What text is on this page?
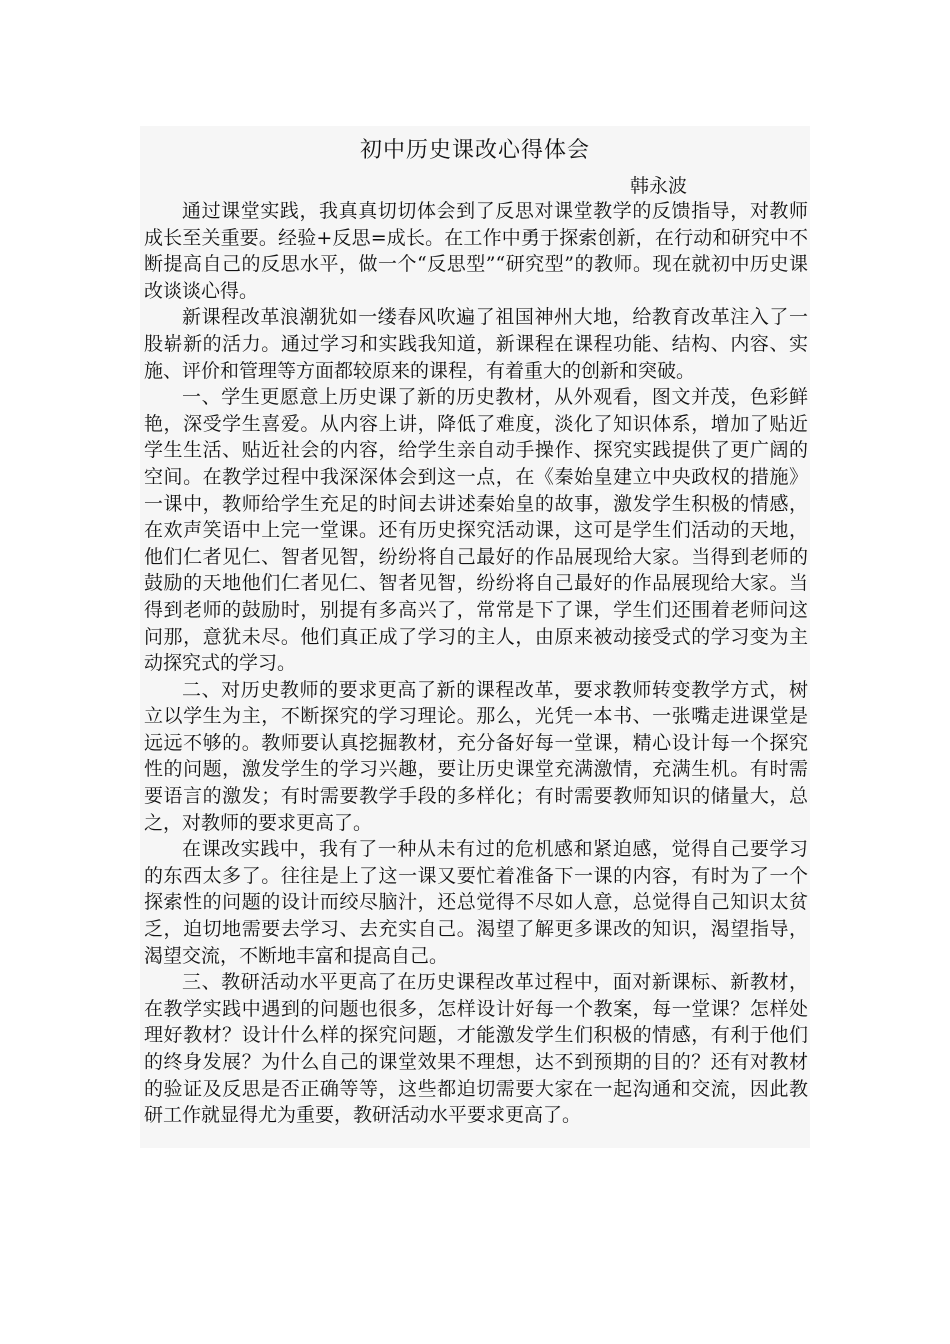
初中历史课改心得体会
韩永波

通过课堂实践，我真真切切体会到了反思对课堂教学的反馈指导，对教师成长至关重要。经验+反思=成长。在工作中勇于探索创新，在行动和研究中不断提高自己的反思水平，做一个“反思型”“研究型”的教师。现在就初中历史课改谈谈心得。

新课程改革浪潮犹如一缕春风吹遍了祖国神州大地，给教育改革注入了一股崭新的活力。通过学习和实践我知道，新课程在课程功能、结构、内容、实施、评价和管理等方面都较原来的课程，有着重大的创新和突破。

一、学生更愿意上历史课了新的历史教材，从外观看，图文并茂，色彩鲜艳，深受学生喜爱。从内容上讲，降低了难度，淡化了知识体系，增加了贴近学生生活、贴近社会的内容，给学生亲自动手操作、探究实践提供了更广阔的空间。在教学过程中我深深体会到这一点，在《秦始皇建立中央政权的措施》一课中，教师给学生充足的时间去讲述秦始皇的故事，激发学生积极的情感，在欢声笑语中上完一堂课。还有历史探究活动课，这可是学生们活动的天地，他们仁者见仁、智者见智，纷纷将自己最好的作品展现给大家。当得到老师的鼓励的天地他们仁者见仁、智者见智，纷纷将自己最好的作品展现给大家。当得到老师的鼓励时，别提有多高兴了，常常是下了课，学生们还围着老师问这问那，意犹未尽。他们真正成了学习的主人，由原来被动接受式的学习变为主动探究式的学习。

二、对历史教师的要求更高了新的课程改革，要求教师转变教学方式，树立以学生为主，不断探究的学习理论。那么，光凭一本书、一张嘴走进课堂是远远不够的。教师要认真挖掘教材，充分备好每一堂课，精心设计每一个探究性的问题，激发学生的学习兴趣，要让历史课堂充满激情，充满生机。有时需要语言的激发；有时需要教学手段的多样化；有时需要教师知识的储量大，总之，对教师的要求更高了。

在课改实践中，我有了一种从未有过的危机感和紧迫感，觉得自己要学习的东西太多了。往往是上了这一课又要忙着准备下一课的内容，有时为了一个探索性的问题的设计而绞尽脑汁，还总觉得不尽如人意，总觉得自己知识太贫乏，迫切地需要去学习、去充实自己。渴望了解更多课改的知识，渴望指导，渴望交流，不断地丰富和提高自己。

三、教研活动水平更高了在历史课程改革过程中，面对新课标、新教材，在教学实践中遇到的问题也很多，怎样设计好每一个教案，每一堂课？怎样处理好教材？设计什么样的探究问题，才能激发学生们积极的情感，有利于他们的终身发展？为什么自己的课堂效果不理想，达不到预期的目的？还有对教材的验证及反思是否正确等等，这些都迫切需要大家在一起沟通和交流，因此教研工作就显得尤为重要，教研活动水平要求更高了。
